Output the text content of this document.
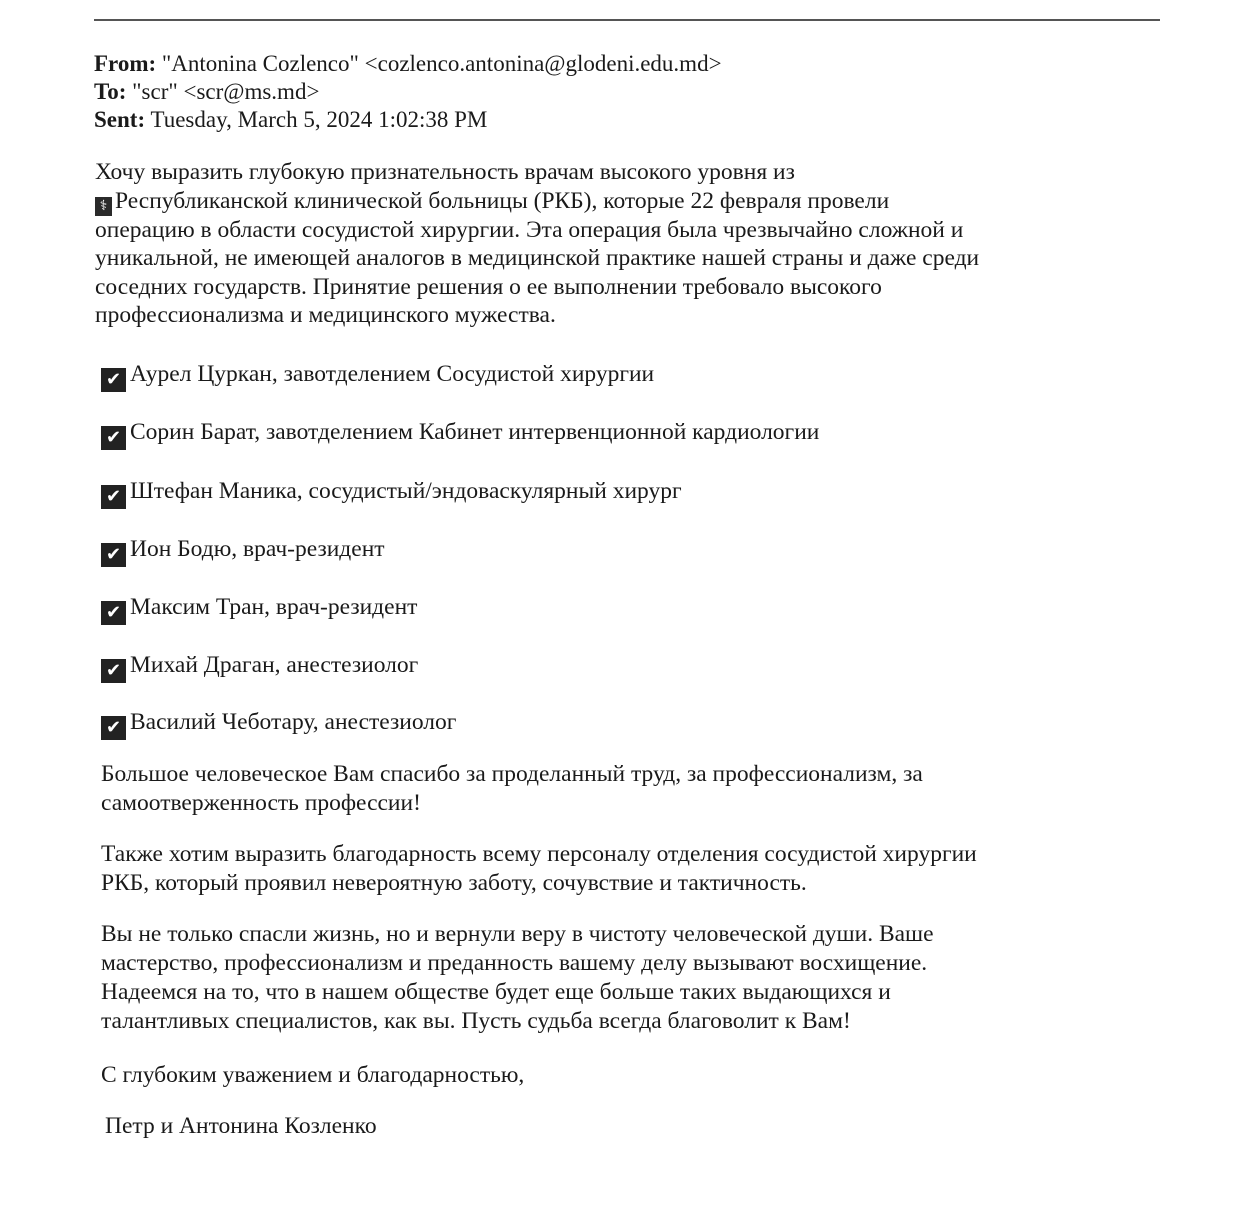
From: "Antonina Cozlenco" <cozlenco.antonina@glodeni.edu.md>
To: "scr" <scr@ms.md>
Sent: Tuesday, March 5, 2024 1:02:38 PM
Хочу выразить глубокую признательность врачам высокого уровня из
⚕ Республиканской клинической больницы (РКБ), которые 22 февраля провели
операцию в области сосудистой хирургии. Эта операция была чрезвычайно сложной и
уникальной, не имеющей аналогов в медицинской практике нашей страны и даже среди
соседних государств. Принятие решения о ее выполнении требовало высокого
профессионализма и медицинского мужества.
✔ Аурел Цуркан, завотделением Сосудистой хирургии
✔ Сорин Барат, завотделением Кабинет интервенционной кардиологии
✔ Штефан Маника, сосудистый/эндоваскулярный хирург
✔ Ион Бодю, врач-резидент
✔ Максим Тран, врач-резидент
✔ Михай Драган, анестезиолог
✔ Василий Чеботару, анестезиолог
Большое человеческое Вам спасибо за проделанный труд, за профессионализм, за
самоотверженность профессии!
Также хотим выразить благодарность всему персоналу отделения сосудистой хирургии
РКБ, который проявил невероятную заботу, сочувствие и тактичность.
Вы не только спасли жизнь, но и вернули веру в чистоту человеческой души. Ваше
мастерство, профессионализм и преданность вашему делу вызывают восхищение.
Надеемся на то, что в нашем обществе будет еще больше таких выдающихся и
талантливых специалистов, как вы. Пусть судьба всегда благоволит к Вам!
С глубоким уважением и благодарностью,
Петр и Антонина Козленко
